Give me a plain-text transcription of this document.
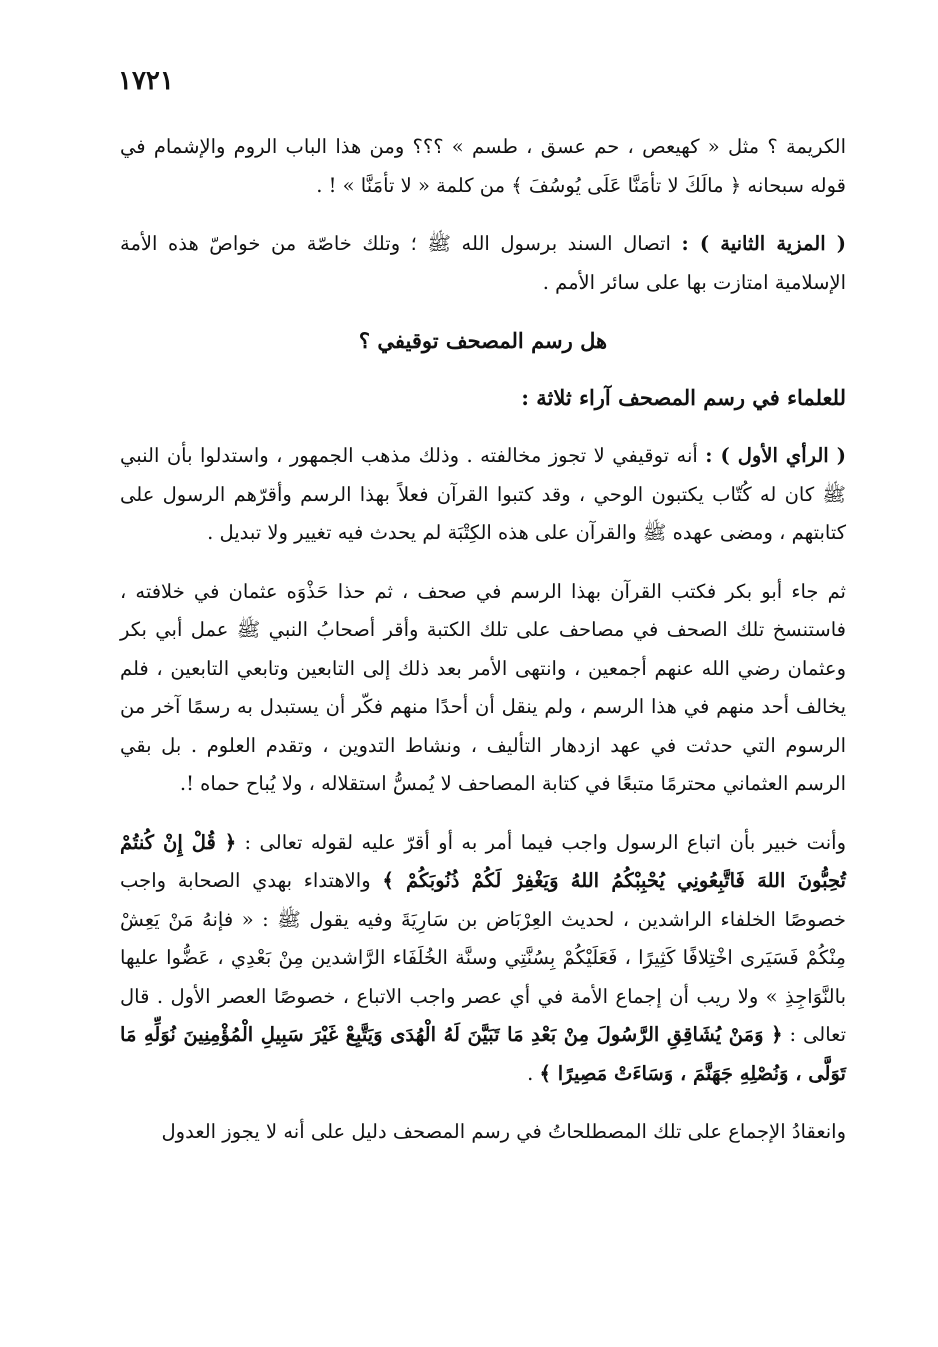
١٧٢١

الكريمة ؟ مثل « كهيعص ، حم عسق ، طسم » ؟؟؟ ومن هذا الباب الروم والإشمام في قوله سبحانه ﴿ مالَكَ لا تأمَنَّا عَلَى يُوسُفَ ﴾ من كلمة « لا تأمَنَّا » ! .

( المزية الثانية ) : اتصال السند برسول الله ﷺ ؛ وتلك خاصّة من خواصّ هذه الأمة الإسلامية امتازت بها على سائر الأمم .

هل رسم المصحف توقيفي ؟
للعلماء في رسم المصحف آراء ثلاثة :

( الرأي الأول ) : أنه توقيفي لا تجوز مخالفته . وذلك مذهب الجمهور ، واستدلوا بأن النبي ﷺ كان له كُتّاب يكتبون الوحي ، وقد كتبوا القرآن فعلاً بهذا الرسم وأقرّهم الرسول على كتابتهم ، ومضى عهده ﷺ والقرآن على هذه الكِتْبَة لم يحدث فيه تغيير ولا تبديل .

ثم جاء أبو بكر فكتب القرآن بهذا الرسم في صحف ، ثم حذا حَذْوَه عثمان في خلافته ، فاستنسخ تلك الصحف في مصاحف على تلك الكتبة وأقر أصحابُ النبي ﷺ عمل أبي بكر وعثمان رضي الله عنهم أجمعين ، وانتهى الأمر بعد ذلك إلى التابعين وتابعي التابعين ، فلم يخالف أحد منهم في هذا الرسم ، ولم ينقل أن أحدًا منهم فكّر أن يستبدل به رسمًا آخر من الرسوم التي حدثت في عهد ازدهار التأليف ، ونشاط التدوين ، وتقدم العلوم . بل بقي الرسم العثماني محترمًا متبعًا في كتابة المصاحف لا يُمسُّ استقلاله ، ولا يُباح حماه !.

وأنت خبير بأن اتباع الرسول واجب فيما أمر به أو أقرّ عليه لقوله تعالى : ﴿ قُلْ إِنْ كُنتُمْ تُحِبُّونَ اللهَ فَاتَّبِعُونِي يُحْبِبْكُمُ اللهُ وَيَغْفِرْ لَكُمْ ذُنُوبَكُمْ ﴾ والاهتداء بهدي الصحابة واجب خصوصًا الخلفاء الراشدين ، لحديث العِرْبَاض بن سَارِيَةَ وفيه يقول ﷺ : « فإنهُ مَنْ يَعِشْ مِنْكُمْ فَسَيَرى اخْتِلافًا كَثِيرًا ، فَعَلَيْكُمْ بِسُنَّتِي وسنَّة الخُلَفَاء الرَّاشدين مِنْ بَعْدِي ، عَضُّوا عليها بالنَّوَاجِذِ » ولا ريب أن إجماع الأمة في أي عصر واجب الاتباع ، خصوصًا العصر الأول . قال تعالى : ﴿ وَمَنْ يُشَاقِقِ الرَّسُولَ مِنْ بَعْدِ مَا تَبَيَّنَ لَهُ الْهُدَى وَيَتَّبِعْ غَيْرَ سَبِيلِ الْمُؤْمِنِينَ نُوَلِّهِ مَا تَوَلَّى ، وَنُصْلِهِ جَهَنَّمَ ، وَسَاءَتْ مَصِيرًا ﴾ .

وانعقادُ الإجماع على تلك المصطلحاتُ في رسم المصحف دليل على أنه لا يجوز العدول
